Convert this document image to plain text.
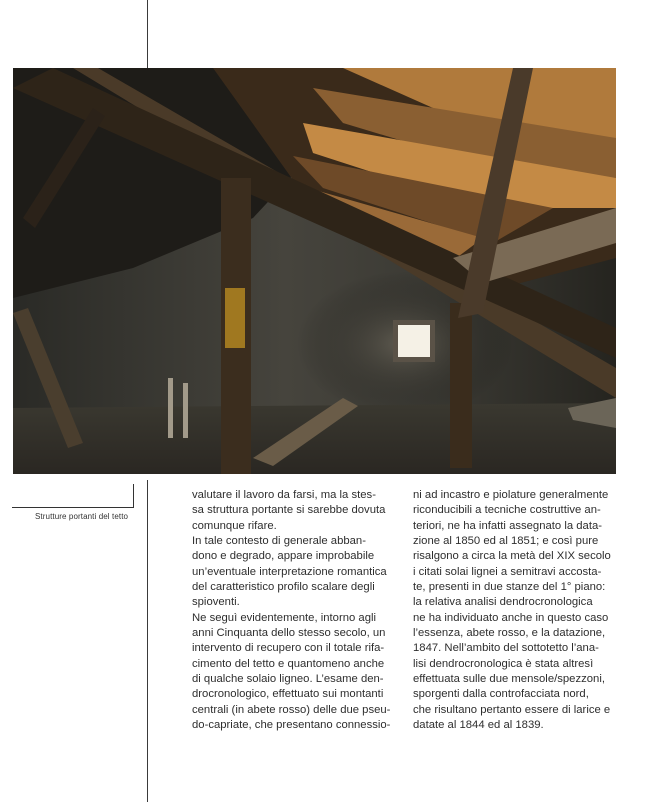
Strutture portanti del tetto

valutare il lavoro da farsi, ma la stes-

sa struttura portante si sarebbe dovuta

comunque rifare.

In tale contesto di generale abban-

dono e degrado, appare improbabile

un’eventuale interpretazione romantica

del caratteristico profilo scalare degli

spioventi.

Ne seguì evidentemente, intorno agli

anni Cinquanta dello stesso secolo, un

intervento di recupero con il totale rifa-

cimento del tetto e quantomeno anche

di qualche solaio ligneo. L’esame den-

drocronologico, effettuato sui montanti

centrali (in abete rosso) delle due pseu-

do-capriate, che presentano connessio-

ni ad incastro e piolature generalmente

riconducibili a tecniche costruttive an-

teriori, ne ha infatti assegnato la data-

zione al 1850 ed al 1851; e così pure

risalgono a circa la metà del XIX secolo

i citati solai lignei a semitravi accosta-

te, presenti in due stanze del 1° piano:

la relativa analisi dendrocronologica

ne ha individuato anche in questo caso

l’essenza, abete rosso, e la datazione,

1847. Nell’ambito del sottotetto l’ana-

lisi dendrocronologica è stata altresì

effettuata sulle due mensole/spezzoni,

sporgenti dalla controfacciata nord,

che risultano pertanto essere di larice e

datate al 1844 ed al 1839.
